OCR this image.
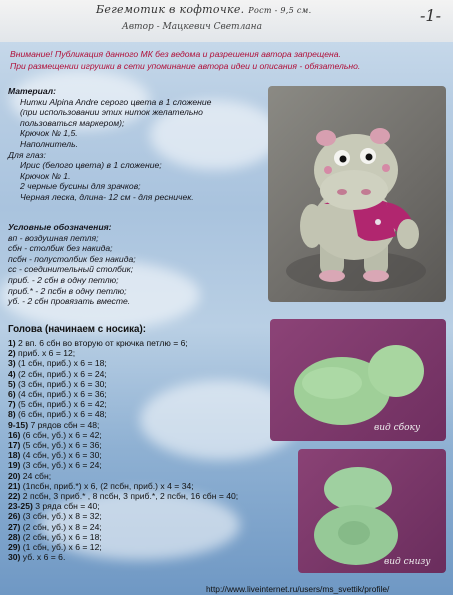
Бегемотик в кофточке. Рост - 9,5 см.
Автор - Мацкевич Светлана
-1-
Внимание! Публикация данного МК без ведома и разрешения автора запрещена.
При размещении игрушки в сети упоминание автора идеи и описания - обязательно.
Материал:
Нитки Alpina Andre серого цвета в 1 сложение
(при использовании этих ниток желательно
пользоваться маркером);
Крючок № 1,5.
Наполнитель.
Для глаз:
Ирис (белого цвета) в 1 сложение;
Крючок № 1.
2 черные бусины для зрачков;
Черная леска, длина- 12 см - для ресничек.
Условные обозначения:
вп - воздушная петля;
сбн - столбик без накида;
псбн - полустолбик без накида;
сс - соединительный столбик;
приб. - 2 сбн в одну петлю;
приб.* - 2 псбн в одну петлю;
уб. - 2 сбн провязать вместе.
Голова (начинаем с носика):
1) 2 вп. 6 сбн во вторую от крючка петлю = 6;
2) приб. х 6 = 12;
3) (1 сбн, приб.) х 6 = 18;
4) (2 сбн, приб.) х 6 = 24;
5) (3 сбн, приб.) х 6 = 30;
6) (4 сбн, приб.) х 6 = 36;
7) (5 сбн, приб.) х 6 = 42;
8) (6 сбн, приб.) х 6 = 48;
9-15) 7 рядов сбн = 48;
16) (6 сбн, уб.) х 6 = 42;
17) (5 сбн, уб.) х 6 = 36;
18) (4 сбн, уб.) х 6 = 30;
19) (3 сбн, уб.) х 6 = 24;
20) 24 сбн;
21) (1псбн, приб.*) х 6, (2 псбн, приб.) х 4 = 34;
22) 2 псбн, 3 приб.* , 8 псбн, 3 приб.*, 2 псбн, 16 сбн = 40;
23-25) 3 ряда сбн = 40;
26) (3 сбн, уб.) х 8 = 32;
27) (2 сбн, уб.) х 8 = 24;
28) (2 сбн, уб.) х 6 = 18;
29) (1 сбн, уб.) х 6 = 12;
30) уб. х 6 = 6.
вид сбоку
вид снизу
http://www.liveinternet.ru/users/ms_svettik/profile/
